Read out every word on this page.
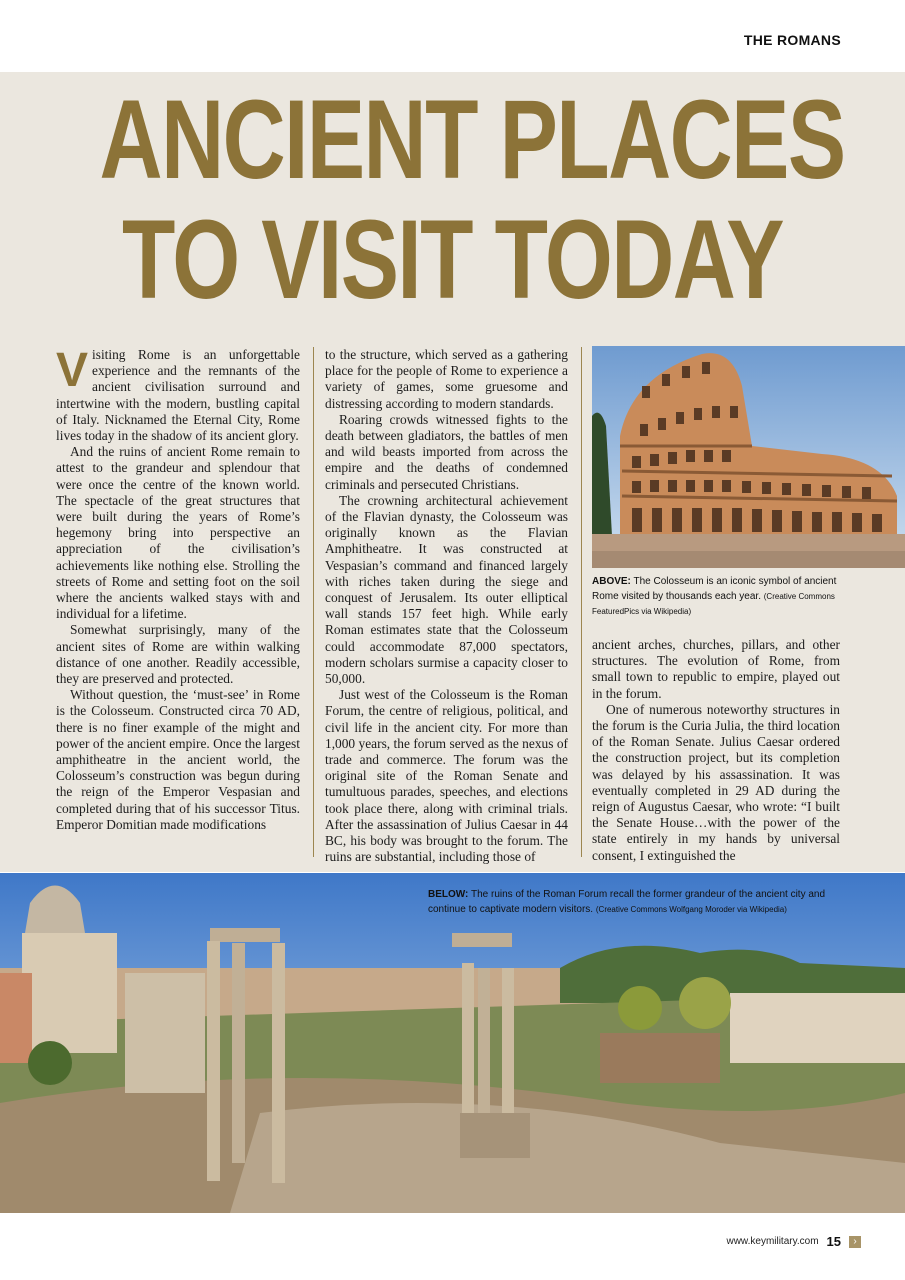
THE ROMANS
ANCIENT PLACES
TO VISIT TODAY

Visiting Rome is an unforgettable experience and the remnants of the ancient civilisation surround and intertwine with the modern, bustling capital of Italy. Nicknamed the Eternal City, Rome lives today in the shadow of its ancient glory.

And the ruins of ancient Rome remain to attest to the grandeur and splendour that were once the centre of the known world. The spectacle of the great structures that were built during the years of Rome’s hegemony bring into perspective an appreciation of the civilisation’s achievements like nothing else. Strolling the streets of Rome and setting foot on the soil where the ancients walked stays with and individual for a lifetime.

Somewhat surprisingly, many of the ancient sites of Rome are within walking distance of one another. Readily accessible, they are preserved and protected.

Without question, the ‘must-see’ in Rome is the Colosseum. Constructed circa 70 AD, there is no finer example of the might and power of the ancient empire. Once the largest amphitheatre in the ancient world, the Colosseum’s construction was begun during the reign of the Emperor Vespasian and completed during that of his successor Titus. Emperor Domitian made modifications

to the structure, which served as a gathering place for the people of Rome to experience a variety of games, some gruesome and distressing according to modern standards.

Roaring crowds witnessed fights to the death between gladiators, the battles of men and wild beasts imported from across the empire and the deaths of condemned criminals and persecuted Christians.

The crowning architectural achievement of the Flavian dynasty, the Colosseum was originally known as the Flavian Amphitheatre. It was constructed at Vespasian’s command and financed largely with riches taken during the siege and conquest of Jerusalem. Its outer elliptical wall stands 157 feet high. While early Roman estimates state that the Colosseum could accommodate 87,000 spectators, modern scholars surmise a capacity closer to 50,000.

Just west of the Colosseum is the Roman Forum, the centre of religious, political, and civil life in the ancient city. For more than 1,000 years, the forum served as the nexus of trade and commerce. The forum was the original site of the Roman Senate and tumultuous parades, speeches, and elections took place there, along with criminal trials. After the assassination of Julius Caesar in 44 BC, his body was brought to the forum. The ruins are substantial, including those of

ABOVE: The Colosseum is an iconic symbol of ancient Rome visited by thousands each year. (Creative Commons FeaturedPics via Wikipedia)

ancient arches, churches, pillars, and other structures. The evolution of Rome, from small town to republic to empire, played out in the forum.

One of numerous noteworthy structures in the forum is the Curia Julia, the third location of the Roman Senate. Julius Caesar ordered the construction project, but its completion was delayed by his assassination. It was eventually completed in 29 AD during the reign of Augustus Caesar, who wrote: “I built the Senate House…with the power of the state entirely in my hands by universal consent, I extinguished the

BELOW: The ruins of the Roman Forum recall the former grandeur of the ancient city and continue to captivate modern visitors. (Creative Commons Wolfgang Moroder via Wikipedia)
www.keymilitary.com 15	›
